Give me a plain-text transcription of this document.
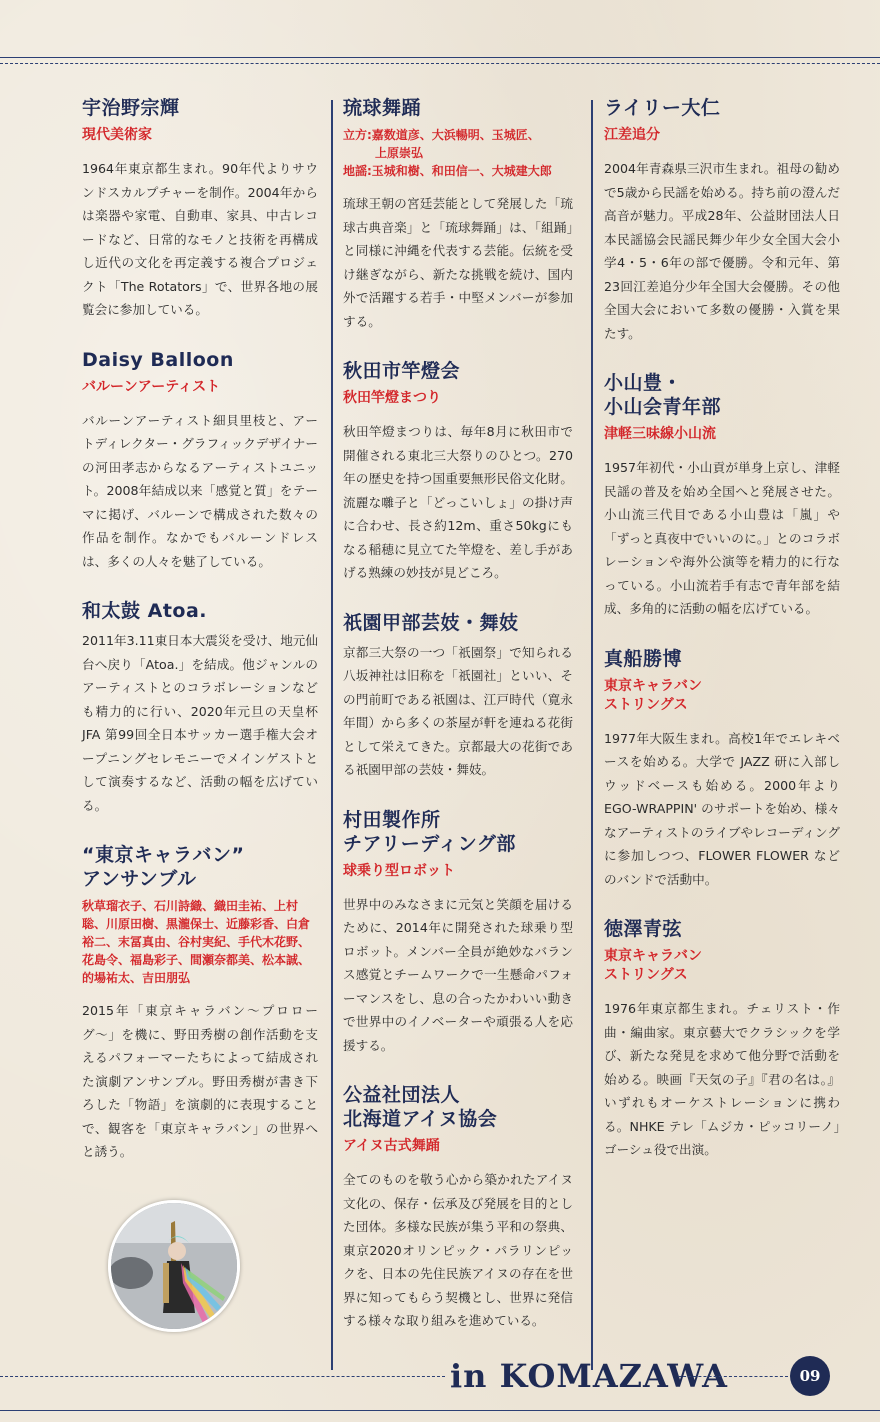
宇治野宗輝
現代美術家

1964年東京都生まれ。90年代よりサウンドスカルプチャーを制作。2004年からは楽器や家電、自動車、家具、中古レコードなど、日常的なモノと技術を再構成し近代の文化を再定義する複合プロジェクト「The Rotators」で、世界各地の展覧会に参加している。

Daisy Balloon
バルーンアーティスト

バルーンアーティスト細貝里枝と、アートディレクター・グラフィックデザイナーの河田孝志からなるアーティストユニット。2008年結成以来「感覚と質」をテーマに掲げ、バルーンで構成された数々の作品を制作。なかでもバルーンドレスは、多くの人々を魅了している。

和太鼓 Atoa.

2011年3.11東日本大震災を受け、地元仙台へ戻り「Atoa.」を結成。他ジャンルのアーティストとのコラボレーションなども精力的に行い、2020年元旦の天皇杯 JFA 第99回全日本サッカー選手権大会オープニングセレモニーでメインゲストとして演奏するなど、活動の幅を広げている。

“東京キャラバン”
アンサンブル
秋草瑠衣子、石川詩織、織田圭祐、上村聡、川原田樹、黒瀧保士、近藤彩香、白倉裕二、末冨真由、谷村実紀、手代木花野、花島令、福島彩子、間瀬奈都美、松本誠、的場祐太、吉田朋弘

2015年「東京キャラバン〜プロローグ〜」を機に、野田秀樹の創作活動を支えるパフォーマーたちによって結成された演劇アンサンブル。野田秀樹が書き下ろした「物語」を演劇的に表現することで、観客を「東京キャラバン」の世界へと誘う。

琉球舞踊
立方:嘉数道彦、大浜暢明、玉城匠、
上原崇弘
地謡:玉城和樹、和田信一、大城建大郎

琉球王朝の宮廷芸能として発展した「琉球古典音楽」と「琉球舞踊」は、「組踊」と同様に沖縄を代表する芸能。伝統を受け継ぎながら、新たな挑戦を続け、国内外で活躍する若手・中堅メンバーが参加する。

秋田市竿燈会
秋田竿燈まつり

秋田竿燈まつりは、毎年8月に秋田市で開催される東北三大祭りのひとつ。270年の歴史を持つ国重要無形民俗文化財。流麗な囃子と「どっこいしょ」の掛け声に合わせ、長さ約12m、重さ50kgにもなる稲穂に見立てた竿燈を、差し手があげる熟練の妙技が見どころ。

祇園甲部芸妓・舞妓

京都三大祭の一つ「祇園祭」で知られる八坂神社は旧称を「祇園社」といい、その門前町である祇園は、江戸時代（寛永年間）から多くの茶屋が軒を連ねる花街として栄えてきた。京都最大の花街である祇園甲部の芸妓・舞妓。

村田製作所
チアリーディング部
球乗り型ロボット

世界中のみなさまに元気と笑顔を届けるために、2014年に開発された球乗り型ロボット。メンバー全員が絶妙なバランス感覚とチームワークで一生懸命パフォーマンスをし、息の合ったかわいい動きで世界中のイノベーターや頑張る人を応援する。

公益社団法人
北海道アイヌ協会
アイヌ古式舞踊

全てのものを敬う心から築かれたアイヌ文化の、保存・伝承及び発展を目的とした団体。多様な民族が集う平和の祭典、東京2020オリンピック・パラリンピックを、日本の先住民族アイヌの存在を世界に知ってもらう契機とし、世界に発信する様々な取り組みを進めている。

ライリー大仁
江差追分

2004年青森県三沢市生まれ。祖母の勧めで5歳から民謡を始める。持ち前の澄んだ高音が魅力。平成28年、公益財団法人日本民謡協会民謡民舞少年少女全国大会小学4・5・6年の部で優勝。令和元年、第23回江差追分少年全国大会優勝。その他全国大会において多数の優勝・入賞を果たす。

小山豊・
小山会青年部
津軽三味線小山流

1957年初代・小山貢が単身上京し、津軽民謡の普及を始め全国へと発展させた。小山流三代目である小山豊は「嵐」や「ずっと真夜中でいいのに。」とのコラボレーションや海外公演等を精力的に行なっている。小山流若手有志で青年部を結成、多角的に活動の幅を広げている。

真船勝博
東京キャラバン
ストリングス

1977年大阪生まれ。高校1年でエレキベースを始める。大学で JAZZ 研に入部しウッドベースも始める。2000年より EGO-WRAPPIN' のサポートを始め、様々なアーティストのライブやレコーディングに参加しつつ、FLOWER FLOWER などのバンドで活動中。

徳澤青弦
東京キャラバン
ストリングス

1976年東京都生まれ。チェリスト・作曲・編曲家。東京藝大でクラシックを学び、新たな発見を求めて他分野で活動を始める。映画『天気の子』『君の名は。』いずれもオーケストレーションに携わる。NHKE テレ「ムジカ・ピッコリーノ」ゴーシュ役で出演。

in KOMAZAWA	09
